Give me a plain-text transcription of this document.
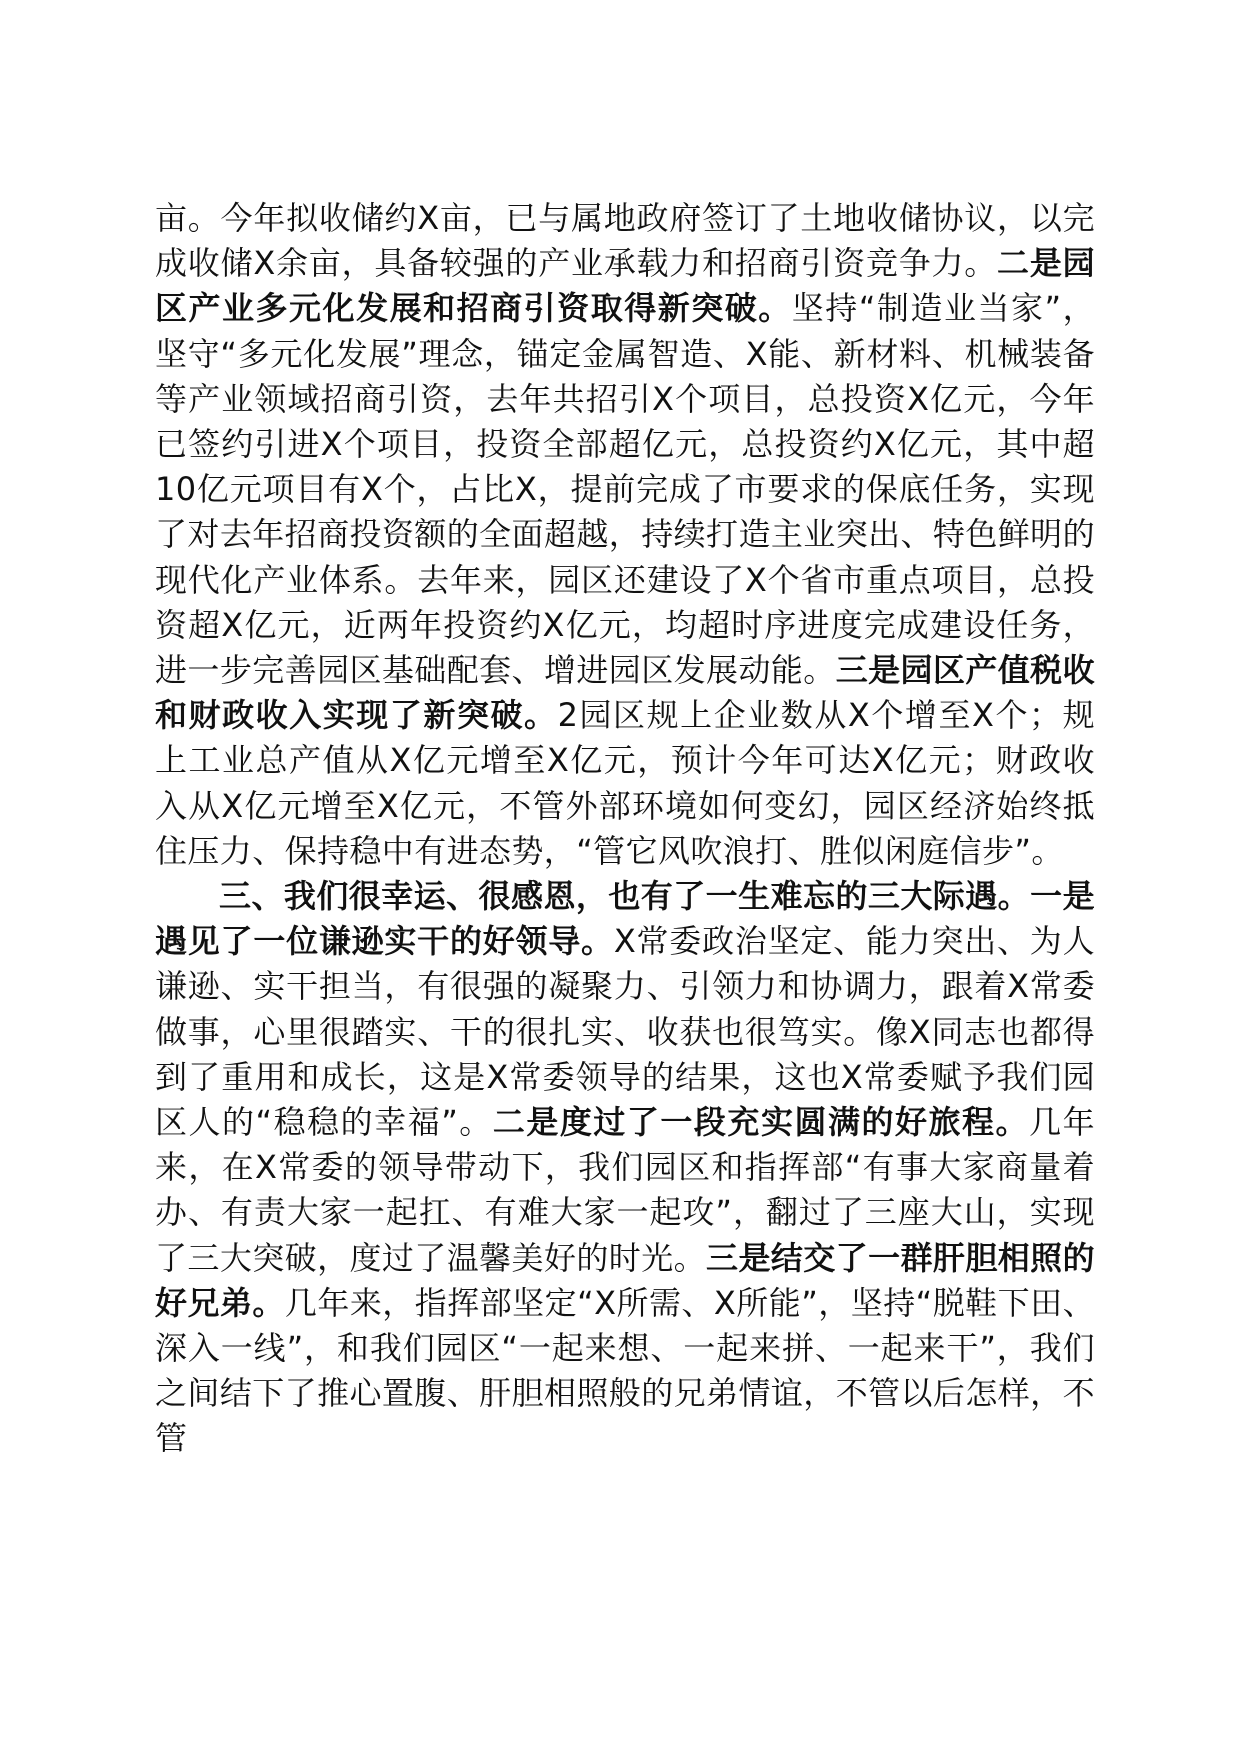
亩。今年拟收储约X亩，已与属地政府签订了土地收储协议，以完成收储X余亩，具备较强的产业承载力和招商引资竞争力。二是园区产业多元化发展和招商引资取得新突破。坚持“制造业当家”，坚守“多元化发展”理念，锚定金属智造、X能、新材料、机械装备等产业领域招商引资，去年共招引X个项目，总投资X亿元，今年已签约引进X个项目，投资全部超亿元，总投资约X亿元，其中超10亿元项目有X个，占比X，提前完成了市要求的保底任务，实现了对去年招商投资额的全面超越，持续打造主业突出、特色鲜明的现代化产业体系。去年来，园区还建设了X个省市重点项目，总投资超X亿元，近两年投资约X亿元，均超时序进度完成建设任务，进一步完善园区基础配套、增进园区发展动能。三是园区产值税收和财政收入实现了新突破。2园区规上企业数从X个增至X个；规上工业总产值从X亿元增至X亿元，预计今年可达X亿元；财政收入从X亿元增至X亿元，不管外部环境如何变幻，园区经济始终抵住压力、保持稳中有进态势，“管它风吹浪打、胜似闲庭信步”。

三、我们很幸运、很感恩，也有了一生难忘的三大际遇。一是遇见了一位谦逊实干的好领导。X常委政治坚定、能力突出、为人谦逊、实干担当，有很强的凝聚力、引领力和协调力，跟着X常委做事，心里很踏实、干的很扎实、收获也很笃实。像X同志也都得到了重用和成长，这是X常委领导的结果，这也X常委赋予我们园区人的“稳稳的幸福”。二是度过了一段充实圆满的好旅程。几年来，在X常委的领导带动下，我们园区和指挥部“有事大家商量着办、有责大家一起扛、有难大家一起攻”，翻过了三座大山，实现了三大突破，度过了温馨美好的时光。三是结交了一群肝胆相照的好兄弟。几年来，指挥部坚定“X所需、X所能”，坚持“脱鞋下田、深入一线”，和我们园区“一起来想、一起来拼、一起来干”，我们之间结下了推心置腹、肝胆相照般的兄弟情谊，不管以后怎样，不管
